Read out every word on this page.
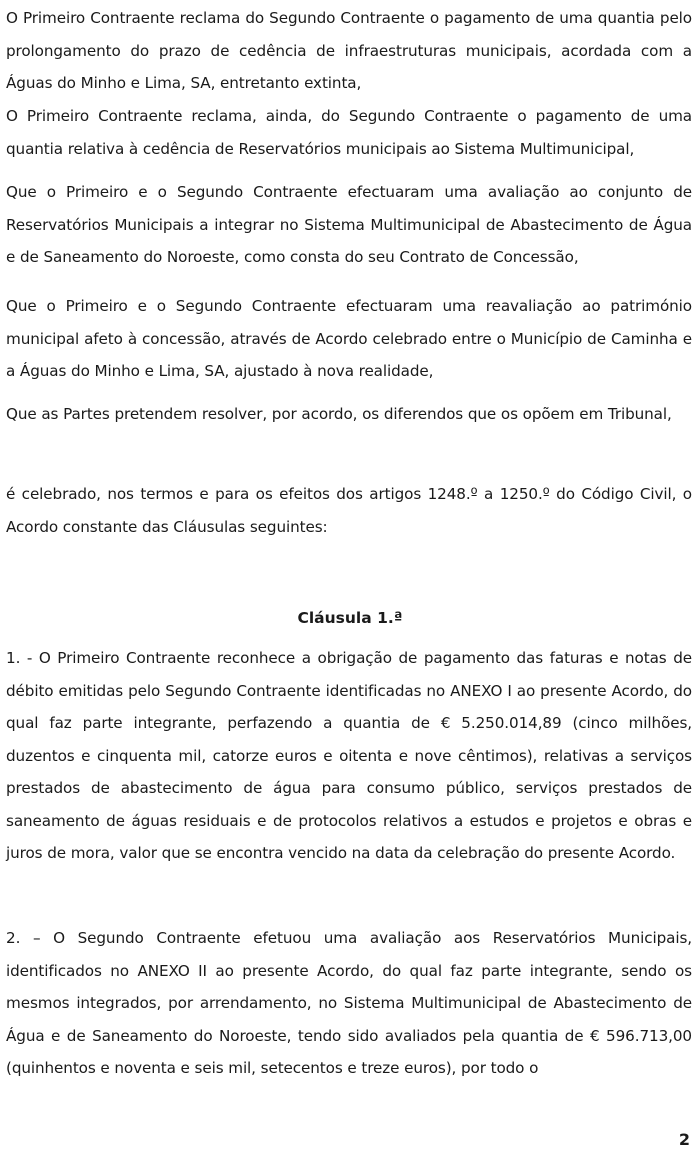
O Primeiro Contraente reclama do Segundo Contraente o pagamento de uma quantia pelo prolongamento do prazo de cedência de infraestruturas municipais, acordada com a Águas do Minho e Lima, SA, entretanto extinta,
O Primeiro Contraente reclama, ainda, do Segundo Contraente o pagamento de uma quantia relativa à cedência de Reservatórios municipais ao Sistema Multimunicipal,
Que o Primeiro e o Segundo Contraente efectuaram uma avaliação ao conjunto de Reservatórios Municipais a integrar no Sistema Multimunicipal de Abastecimento de Água e de Saneamento do Noroeste, como consta do seu Contrato de Concessão,
Que o Primeiro e o Segundo Contraente efectuaram uma reavaliação ao património municipal afeto à concessão, através de Acordo celebrado entre o Município de Caminha e a Águas do Minho e Lima, SA, ajustado à nova realidade,
Que as Partes pretendem resolver, por acordo, os diferendos que os opõem em Tribunal,
é celebrado, nos termos e para os efeitos dos artigos 1248.º a 1250.º do Código Civil, o Acordo constante das Cláusulas seguintes:
Cláusula 1.ª
1. - O Primeiro Contraente reconhece a obrigação de pagamento das faturas e notas de débito emitidas pelo Segundo Contraente identificadas no ANEXO I ao presente Acordo, do qual faz parte integrante, perfazendo a quantia de € 5.250.014,89 (cinco milhões, duzentos e cinquenta mil, catorze euros e oitenta e nove cêntimos), relativas a serviços prestados de abastecimento de água para consumo público, serviços prestados de saneamento de águas residuais e de protocolos relativos a estudos e projetos e obras e juros de mora, valor que se encontra vencido na data da celebração do presente Acordo.
2. – O Segundo Contraente efetuou uma avaliação aos Reservatórios Municipais, identificados no ANEXO II ao presente Acordo, do qual faz parte integrante, sendo os mesmos integrados, por arrendamento, no Sistema Multimunicipal de Abastecimento de Água e de Saneamento do Noroeste, tendo sido avaliados pela quantia de € 596.713,00 (quinhentos e noventa e seis mil, setecentos e treze euros), por todo o
2
